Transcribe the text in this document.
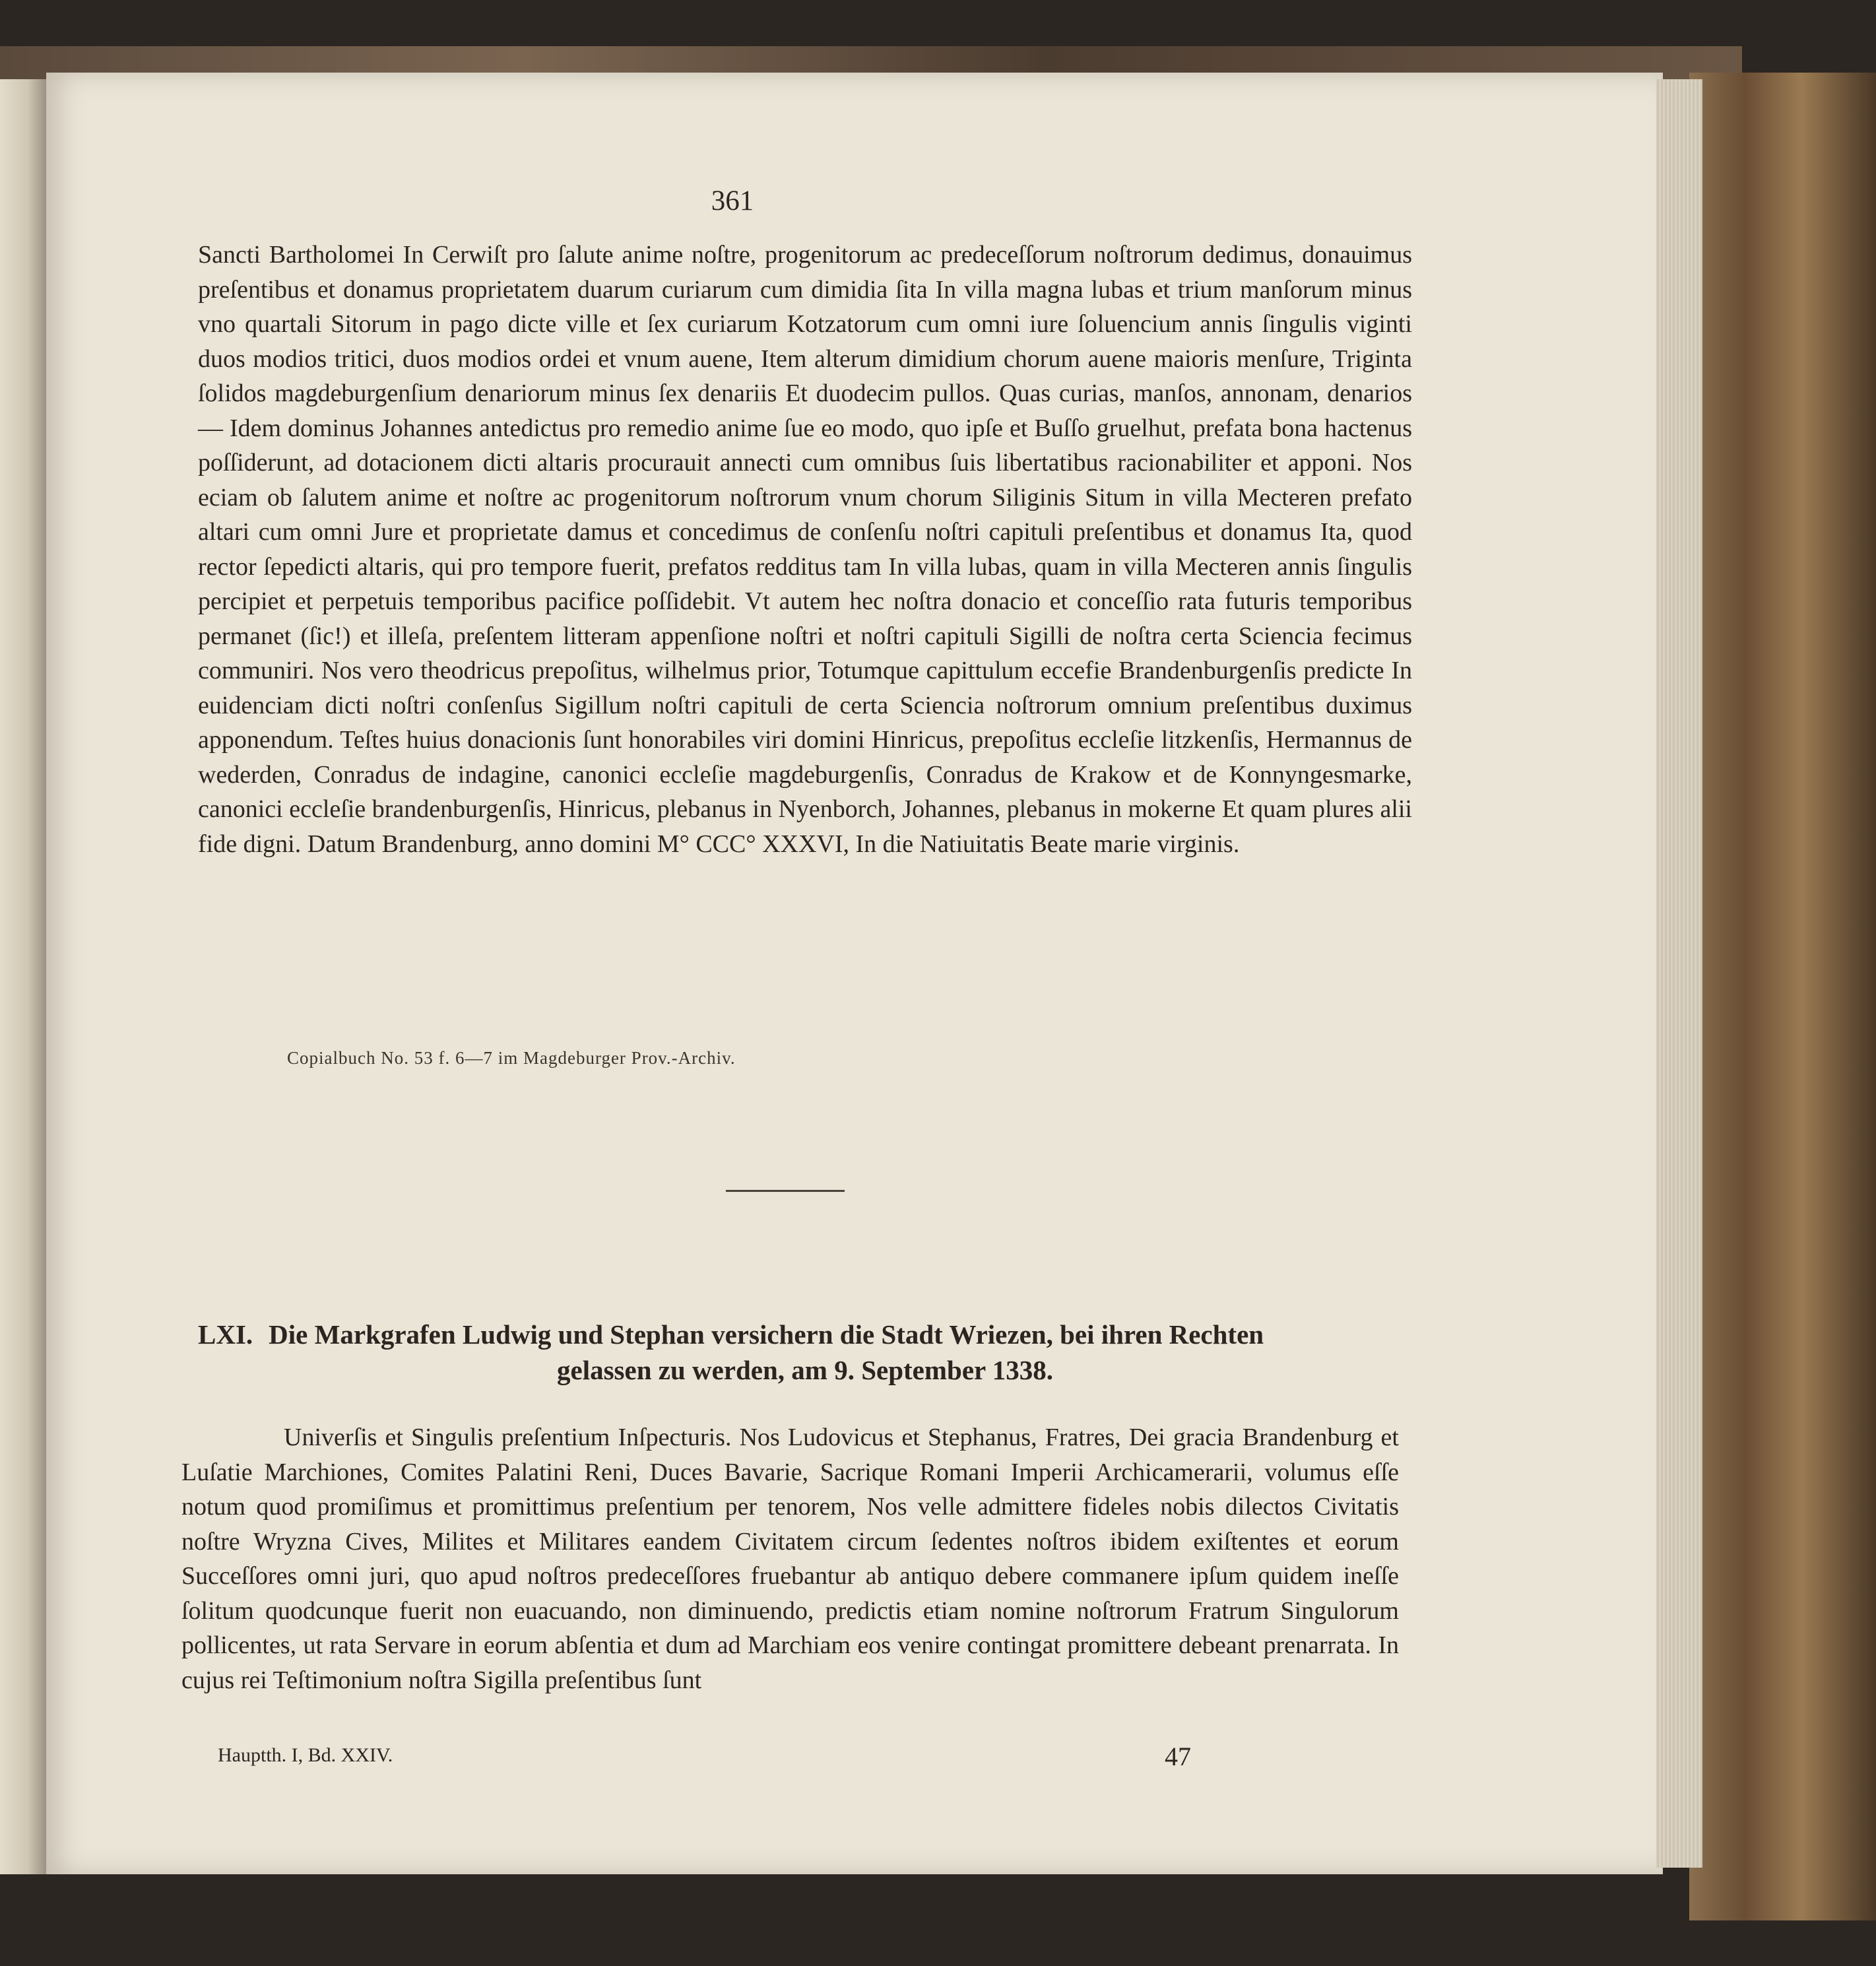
361

Sancti Bartholomei In Cerwiſt pro ſalute anime noſtre, progenitorum ac predeceſſorum noſtrorum dedimus, donauimus preſentibus et donamus proprietatem duarum curiarum cum dimidia ſita In villa magna lubas et trium manſorum minus vno quartali Sitorum in pago dicte ville et ſex curiarum Kotzatorum cum omni iure ſoluencium annis ſingulis viginti duos modios tritici, duos modios ordei et vnum auene, Item alterum dimidium chorum auene maioris menſure, Triginta ſolidos magdeburgenſium denariorum minus ſex denariis Et duodecim pullos. Quas curias, manſos, annonam, denarios — Idem dominus Johannes antedictus pro remedio anime ſue eo modo, quo ipſe et Buſſo gruelhut, prefata bona hactenus poſſiderunt, ad dotacionem dicti altaris procurauit annecti cum omnibus ſuis libertatibus racionabiliter et apponi. Nos eciam ob ſalutem anime et noſtre ac progenitorum noſtrorum vnum chorum Siliginis Situm in villa Mecteren prefato altari cum omni Jure et proprietate damus et concedimus de conſenſu noſtri capituli preſentibus et donamus Ita, quod rector ſepedicti altaris, qui pro tempore fuerit, prefatos redditus tam In villa lubas, quam in villa Mecteren annis ſingulis percipiet et perpetuis temporibus pacifice poſſidebit. Vt autem hec noſtra donacio et conceſſio rata futuris temporibus permanet (ſic!) et illeſa, preſentem litteram appenſione noſtri et noſtri capituli Sigilli de noſtra certa Sciencia fecimus communiri. Nos vero theodricus prepoſitus, wilhelmus prior, Totumque capittulum eccefie Brandenburgenſis predicte In euidenciam dicti noſtri conſenſus Sigillum noſtri capituli de certa Sciencia noſtrorum omnium preſentibus duximus apponendum. Teſtes huius donacionis ſunt honorabiles viri domini Hinricus, prepoſitus eccleſie litzkenſis, Hermannus de wederden, Conradus de indagine, canonici eccleſie magdeburgenſis, Conradus de Krakow et de Konnyngesmarke, canonici eccleſie brandenburgenſis, Hinricus, plebanus in Nyenborch, Johannes, plebanus in mokerne Et quam plures alii fide digni. Datum Brandenburg, anno domini M° CCC° XXXVI, In die Natiuitatis Beate marie virginis.

Copialbuch No. 53 f. 6—7 im Magdeburger Prov.-Archiv.
LXI. Die Markgrafen Ludwig und Stephan versichern die Stadt Wriezen, bei ihren Rechten
gelassen zu werden, am 9. September 1338.
Univerſis et Singulis preſentium Inſpecturis. Nos Ludovicus et Stephanus, Fratres, Dei gracia Brandenburg et Luſatie Marchiones, Comites Palatini Reni, Duces Bavarie, Sacrique Romani Imperii Archicamerarii, volumus eſſe notum quod promiſimus et promittimus preſentium per tenorem, Nos velle admittere fideles nobis dilectos Civitatis noſtre Wryzna Cives, Milites et Militares eandem Civitatem circum ſedentes noſtros ibidem exiſtentes et eorum Succeſſores omni juri, quo apud noſtros predeceſſores fruebantur ab antiquo debere commanere ipſum quidem ineſſe ſolitum quodcunque fuerit non euacuando, non diminuendo, predictis etiam nomine noſtrorum Fratrum Singulorum pollicentes, ut rata Servare in eorum abſentia et dum ad Marchiam eos venire contingat promittere debeant prenarrata. In cujus rei Teſtimonium noſtra Sigilla preſentibus ſunt
Hauptth. I, Bd. XXIV.	47
